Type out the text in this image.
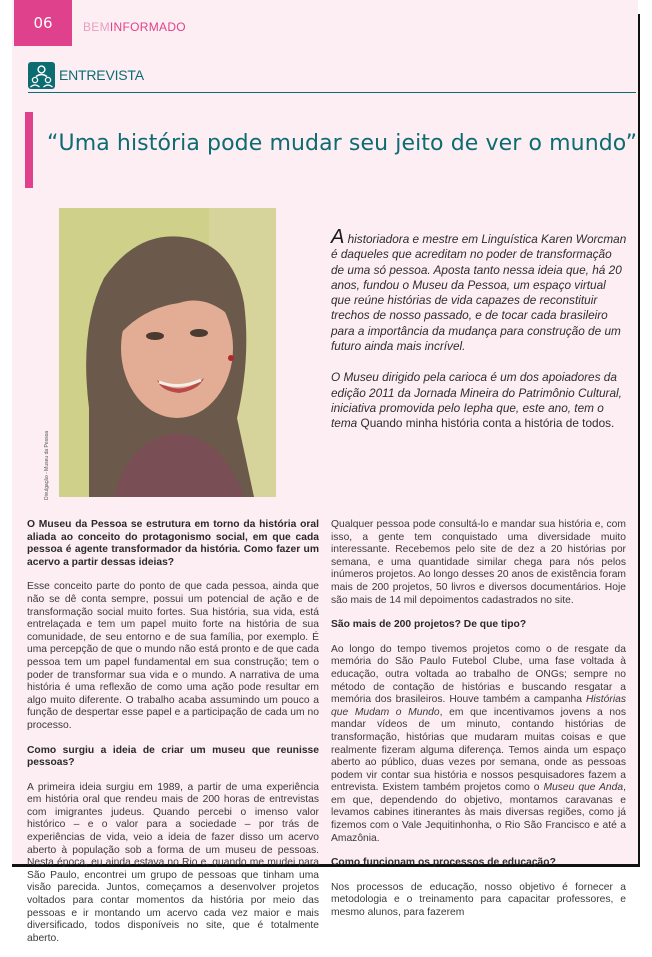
06	BEMINFORMADO
ENTREVISTA
“Uma história pode mudar seu jeito de ver o mundo”
Divulgação - Museu da Pessoa

A historiadora e mestre em Linguística Karen Worcman é daqueles que acreditam no poder de transformação de uma só pessoa. Aposta tanto nessa ideia que, há 20 anos, fundou o Museu da Pessoa, um espaço virtual que reúne histórias de vida capazes de reconstituir trechos de nosso passado, e de tocar cada brasileiro para a importância da mudança para construção de um futuro ainda mais incrível.

O Museu dirigido pela carioca é um dos apoiadores da edição 2011 da Jornada Mineira do Patrimônio Cultural, iniciativa promovida pelo Iepha que, este ano, tem o tema Quando minha história conta a história de todos.

O Museu da Pessoa se estrutura em torno da história oral aliada ao conceito do protagonismo social, em que cada pessoa é agente transformador da história. Como fazer um acervo a partir dessas ideias?

Esse conceito parte do ponto de que cada pessoa, ainda que não se dê conta sempre, possui um potencial de ação e de transformação social muito fortes. Sua história, sua vida, está entrelaçada e tem um papel muito forte na história de sua comunidade, de seu entorno e de sua família, por exemplo. É uma percepção de que o mundo não está pronto e de que cada pessoa tem um papel fundamental em sua construção; tem o poder de transformar sua vida e o mundo. A narrativa de uma história é uma reflexão de como uma ação pode resultar em algo muito diferente. O trabalho acaba assumindo um pouco a função de despertar esse papel e a participação de cada um no processo.

Como surgiu a ideia de criar um museu que reunisse pessoas?

A primeira ideia surgiu em 1989, a partir de uma experiência em história oral que rendeu mais de 200 horas de entrevistas com imigrantes judeus. Quando percebi o imenso valor histórico – e o valor para a sociedade – por trás de experiências de vida, veio a ideia de fazer disso um acervo aberto à população sob a forma de um museu de pessoas. Nesta época, eu ainda estava no Rio e, quando me mudei para São Paulo, encontrei um grupo de pessoas que tinham uma visão parecida. Juntos, começamos a desenvolver projetos voltados para contar momentos da história por meio das pessoas e ir montando um acervo cada vez maior e mais diversificado, todos disponíveis no site, que é totalmente aberto.

Qualquer pessoa pode consultá-lo e mandar sua história e, com isso, a gente tem conquistado uma diversidade muito interessante. Recebemos pelo site de dez a 20 histórias por semana, e uma quantidade similar chega para nós pelos inúmeros projetos. Ao longo desses 20 anos de existência foram mais de 200 projetos, 50 livros e diversos documentários. Hoje são mais de 14 mil depoimentos cadastrados no site.

São mais de 200 projetos? De que tipo?

Ao longo do tempo tivemos projetos como o de resgate da memória do São Paulo Futebol Clube, uma fase voltada à educação, outra voltada ao trabalho de ONGs; sempre no método de contação de histórias e buscando resgatar a memória dos brasileiros. Houve também a campanha Histórias que Mudam o Mundo, em que incentivamos jovens a nos mandar vídeos de um minuto, contando histórias de transformação, histórias que mudaram muitas coisas e que realmente fizeram alguma diferença. Temos ainda um espaço aberto ao público, duas vezes por semana, onde as pessoas podem vir contar sua história e nossos pesquisadores fazem a entrevista. Existem também projetos como o Museu que Anda, em que, dependendo do objetivo, montamos caravanas e levamos cabines itinerantes às mais diversas regiões, como já fizemos com o Vale Jequitinhonha, o Rio São Francisco e até a Amazônia.

Como funcionam os processos de educação?

Nos processos de educação, nosso objetivo é fornecer a metodologia e o treinamento para capacitar professores, e mesmo alunos, para fazerem
